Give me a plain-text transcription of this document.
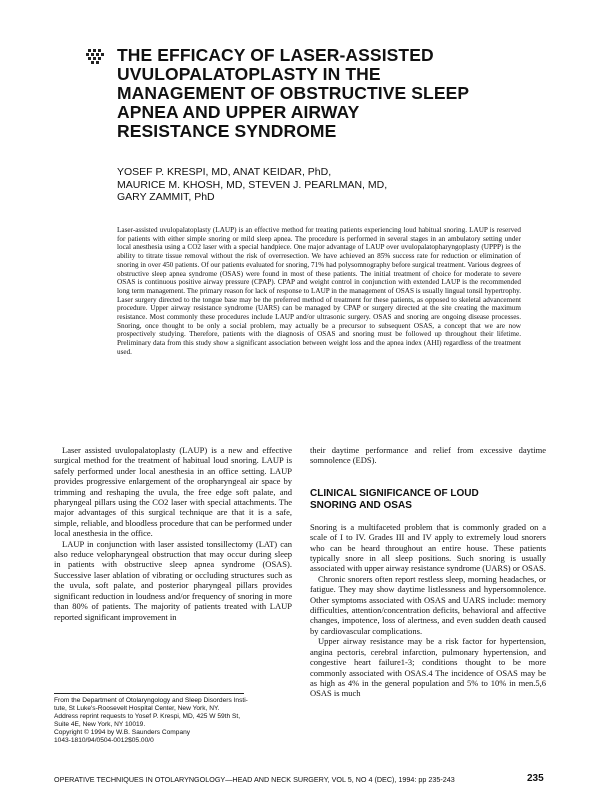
THE EFFICACY OF LASER-ASSISTED
UVULOPALATOPLASTY IN THE
MANAGEMENT OF OBSTRUCTIVE SLEEP
APNEA AND UPPER AIRWAY
RESISTANCE SYNDROME
YOSEF P. KRESPI, MD, ANAT KEIDAR, PhD,
MAURICE M. KHOSH, MD, STEVEN J. PEARLMAN, MD,
GARY ZAMMIT, PhD

Laser-assisted uvulopalatoplasty (LAUP) is an effective method for treating patients experiencing loud habitual snoring. LAUP is reserved for patients with either simple snoring or mild sleep apnea. The procedure is performed in several stages in an ambulatory setting under local anesthesia using a CO2 laser with a special handpiece. One major advantage of LAUP over uvulopalatopharyngoplasty (UPPP) is the ability to titrate tissue removal without the risk of overresection. We have achieved an 85% success rate for reduction or elimination of snoring in over 450 patients. Of our patients evaluated for snoring, 71% had polysomnography before surgical treatment. Various degrees of obstructive sleep apnea syndrome (OSAS) were found in most of these patients. The initial treatment of choice for moderate to severe OSAS is continuous positive airway pressure (CPAP). CPAP and weight control in conjunction with extended LAUP is the recommended long term management. The primary reason for lack of response to LAUP in the management of OSAS is usually lingual tonsil hypertrophy. Laser surgery directed to the tongue base may be the preferred method of treatment for these patients, as opposed to skeletal advancement procedure. Upper airway resistance syndrome (UARS) can be managed by CPAP or surgery directed at the site creating the maximum resistance. Most commonly these procedures include LAUP and/or ultrasonic surgery. OSAS and snoring are ongoing disease processes. Snoring, once thought to be only a social problem, may actually be a precursor to subsequent OSAS, a concept that we are now prospectively studying. Therefore, patients with the diagnosis of OSAS and snoring must be followed up throughout their lifetime. Preliminary data from this study show a significant association between weight loss and the apnea index (AHI) regardless of the treatment used.

Laser assisted uvulopalatoplasty (LAUP) is a new and effective surgical method for the treatment of habitual loud snoring. LAUP is safely performed under local anesthesia in an office setting. LAUP provides progressive enlargement of the oropharyngeal air space by trimming and reshaping the uvula, the free edge soft palate, and pharyngeal pillars using the CO2 laser with special attachments. The major advantages of this surgical technique are that it is a safe, simple, reliable, and bloodless procedure that can be performed under local anesthesia in the office.

LAUP in conjunction with laser assisted tonsillectomy (LAT) can also reduce velopharyngeal obstruction that may occur during sleep in patients with obstructive sleep apnea syndrome (OSAS). Successive laser ablation of vibrating or occluding structures such as the uvula, soft palate, and posterior pharyngeal pillars provides significant reduction in loudness and/or frequency of snoring in more than 80% of patients. The majority of patients treated with LAUP reported significant improvement in

their daytime performance and relief from excessive daytime somnolence (EDS).

CLINICAL SIGNIFICANCE OF LOUD
SNORING AND OSAS

Snoring is a multifaceted problem that is commonly graded on a scale of I to IV. Grades III and IV apply to extremely loud snorers who can be heard throughout an entire house. These patients typically snore in all sleep positions. Such snoring is usually associated with upper airway resistance syndrome (UARS) or OSAS.

Chronic snorers often report restless sleep, morning headaches, or fatigue. They may show daytime listlessness and hypersomnolence. Other symptoms associated with OSAS and UARS include: memory difficulties, attention/concentration deficits, behavioral and affective changes, impotence, loss of alertness, and even sudden death caused by cardiovascular complications.

Upper airway resistance may be a risk factor for hypertension, angina pectoris, cerebral infarction, pulmonary hypertension, and congestive heart failure1-3; conditions thought to be more commonly associated with OSAS.4 The incidence of OSAS may be as high as 4% in the general population and 5% to 10% in men.5,6 OSAS is much

From the Department of Otolaryngology and Sleep Disorders Insti-
tute, St Luke's-Roosevelt Hospital Center, New York, NY.
Address reprint requests to Yosef P. Krespi, MD, 425 W 59th St,
Suite 4E, New York, NY 10019.
Copyright © 1994 by W.B. Saunders Company
1043-1810/94/0504-0012$05.00/0
OPERATIVE TECHNIQUES IN OTOLARYNGOLOGY—HEAD AND NECK SURGERY, VOL 5, NO 4 (DEC), 1994: pp 235-243	235
